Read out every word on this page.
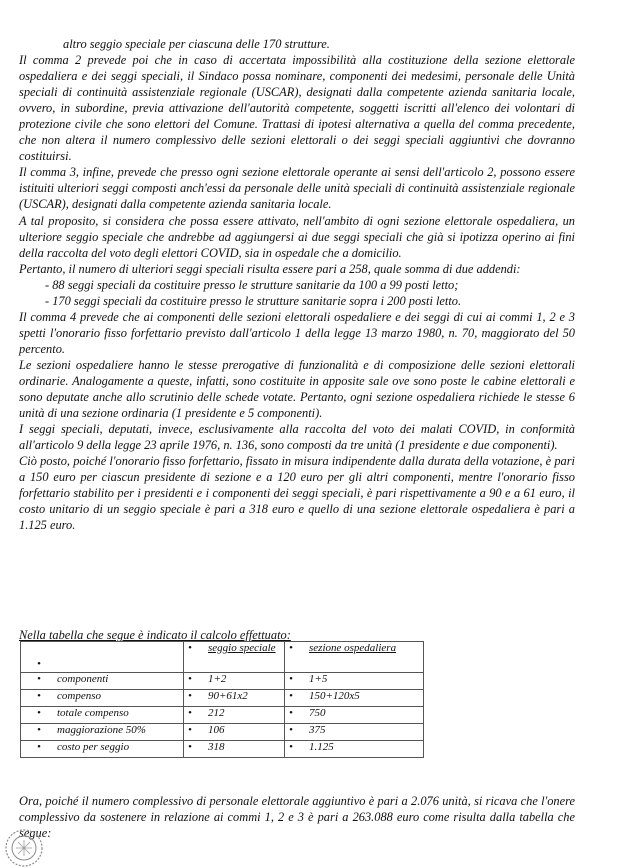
altro seggio speciale per ciascuna delle 170 strutture.

Il comma 2 prevede poi che in caso di accertata impossibilità alla costituzione della sezione elettorale ospedaliera e dei seggi speciali, il Sindaco possa nominare, componenti dei medesimi, personale delle Unità speciali di continuità assistenziale regionale (USCAR), designati dalla competente azienda sanitaria locale, ovvero, in subordine, previa attivazione dell'autorità competente, soggetti iscritti all'elenco dei volontari di protezione civile che sono elettori del Comune. Trattasi di ipotesi alternativa a quella del comma precedente, che non altera il numero complessivo delle sezioni elettorali o dei seggi speciali aggiuntivi che dovranno costituirsi.

Il comma 3, infine, prevede che presso ogni sezione elettorale operante ai sensi dell'articolo 2, possono essere istituiti ulteriori seggi composti anch'essi da personale delle unità speciali di continuità assistenziale regionale (USCAR), designati dalla competente azienda sanitaria locale.

A tal proposito, si considera che possa essere attivato, nell'ambito di ogni sezione elettorale ospedaliera, un ulteriore seggio speciale che andrebbe ad aggiungersi ai due seggi speciali che già si ipotizza operino ai fini della raccolta del voto degli elettori COVID, sia in ospedale che a domicilio.

Pertanto, il numero di ulteriori seggi speciali risulta essere pari a 258, quale somma di due addendi:

- 88 seggi speciali da costituire presso le strutture sanitarie da 100 a 99 posti letto;

- 170 seggi speciali da costituire presso le strutture sanitarie sopra i 200 posti letto.

Il comma 4 prevede che ai componenti delle sezioni elettorali ospedaliere e dei seggi di cui ai commi 1, 2 e 3 spetti l'onorario fisso forfettario previsto dall'articolo 1 della legge 13 marzo 1980, n. 70, maggiorato del 50 percento.

Le sezioni ospedaliere hanno le stesse prerogative di funzionalità e di composizione delle sezioni elettorali ordinarie. Analogamente a queste, infatti, sono costituite in apposite sale ove sono poste le cabine elettorali e sono deputate anche allo scrutinio delle schede votate. Pertanto, ogni sezione ospedaliera richiede le stesse 6 unità di una sezione ordinaria (1 presidente e 5 componenti).

I seggi speciali, deputati, invece, esclusivamente alla raccolta del voto dei malati COVID, in conformità all'articolo 9 della legge 23 aprile 1976, n. 136, sono composti da tre unità (1 presidente e due componenti).

Ciò posto, poiché l'onorario fisso forfettario, fissato in misura indipendente dalla durata della votazione, è pari a 150 euro per ciascun presidente di sezione e a 120 euro per gli altri componenti, mentre l'onorario fisso forfettario stabilito per i presidenti e i componenti dei seggi speciali, è pari rispettivamente a 90 e a 61 euro, il costo unitario di un seggio speciale è pari a 318 euro e quello di una sezione elettorale ospedaliera è pari a 1.125 euro.

Nella tabella che segue è indicato il calcolo effettuato:
•	• seggio speciale	• sezione ospedaliera
• componenti	• 1+2	• 1+5
• compenso	• 90+61x2	• 150+120x5
• totale compenso	• 212	• 750
• maggiorazione 50%	• 106	• 375
• costo per seggio	• 318	• 1.125

Ora, poiché il numero complessivo di personale elettorale aggiuntivo è pari a 2.076 unità, si ricava che l'onere complessivo da sostenere in relazione ai commi 1, 2 e 3 è pari a 263.088 euro come risulta dalla tabella che segue:
